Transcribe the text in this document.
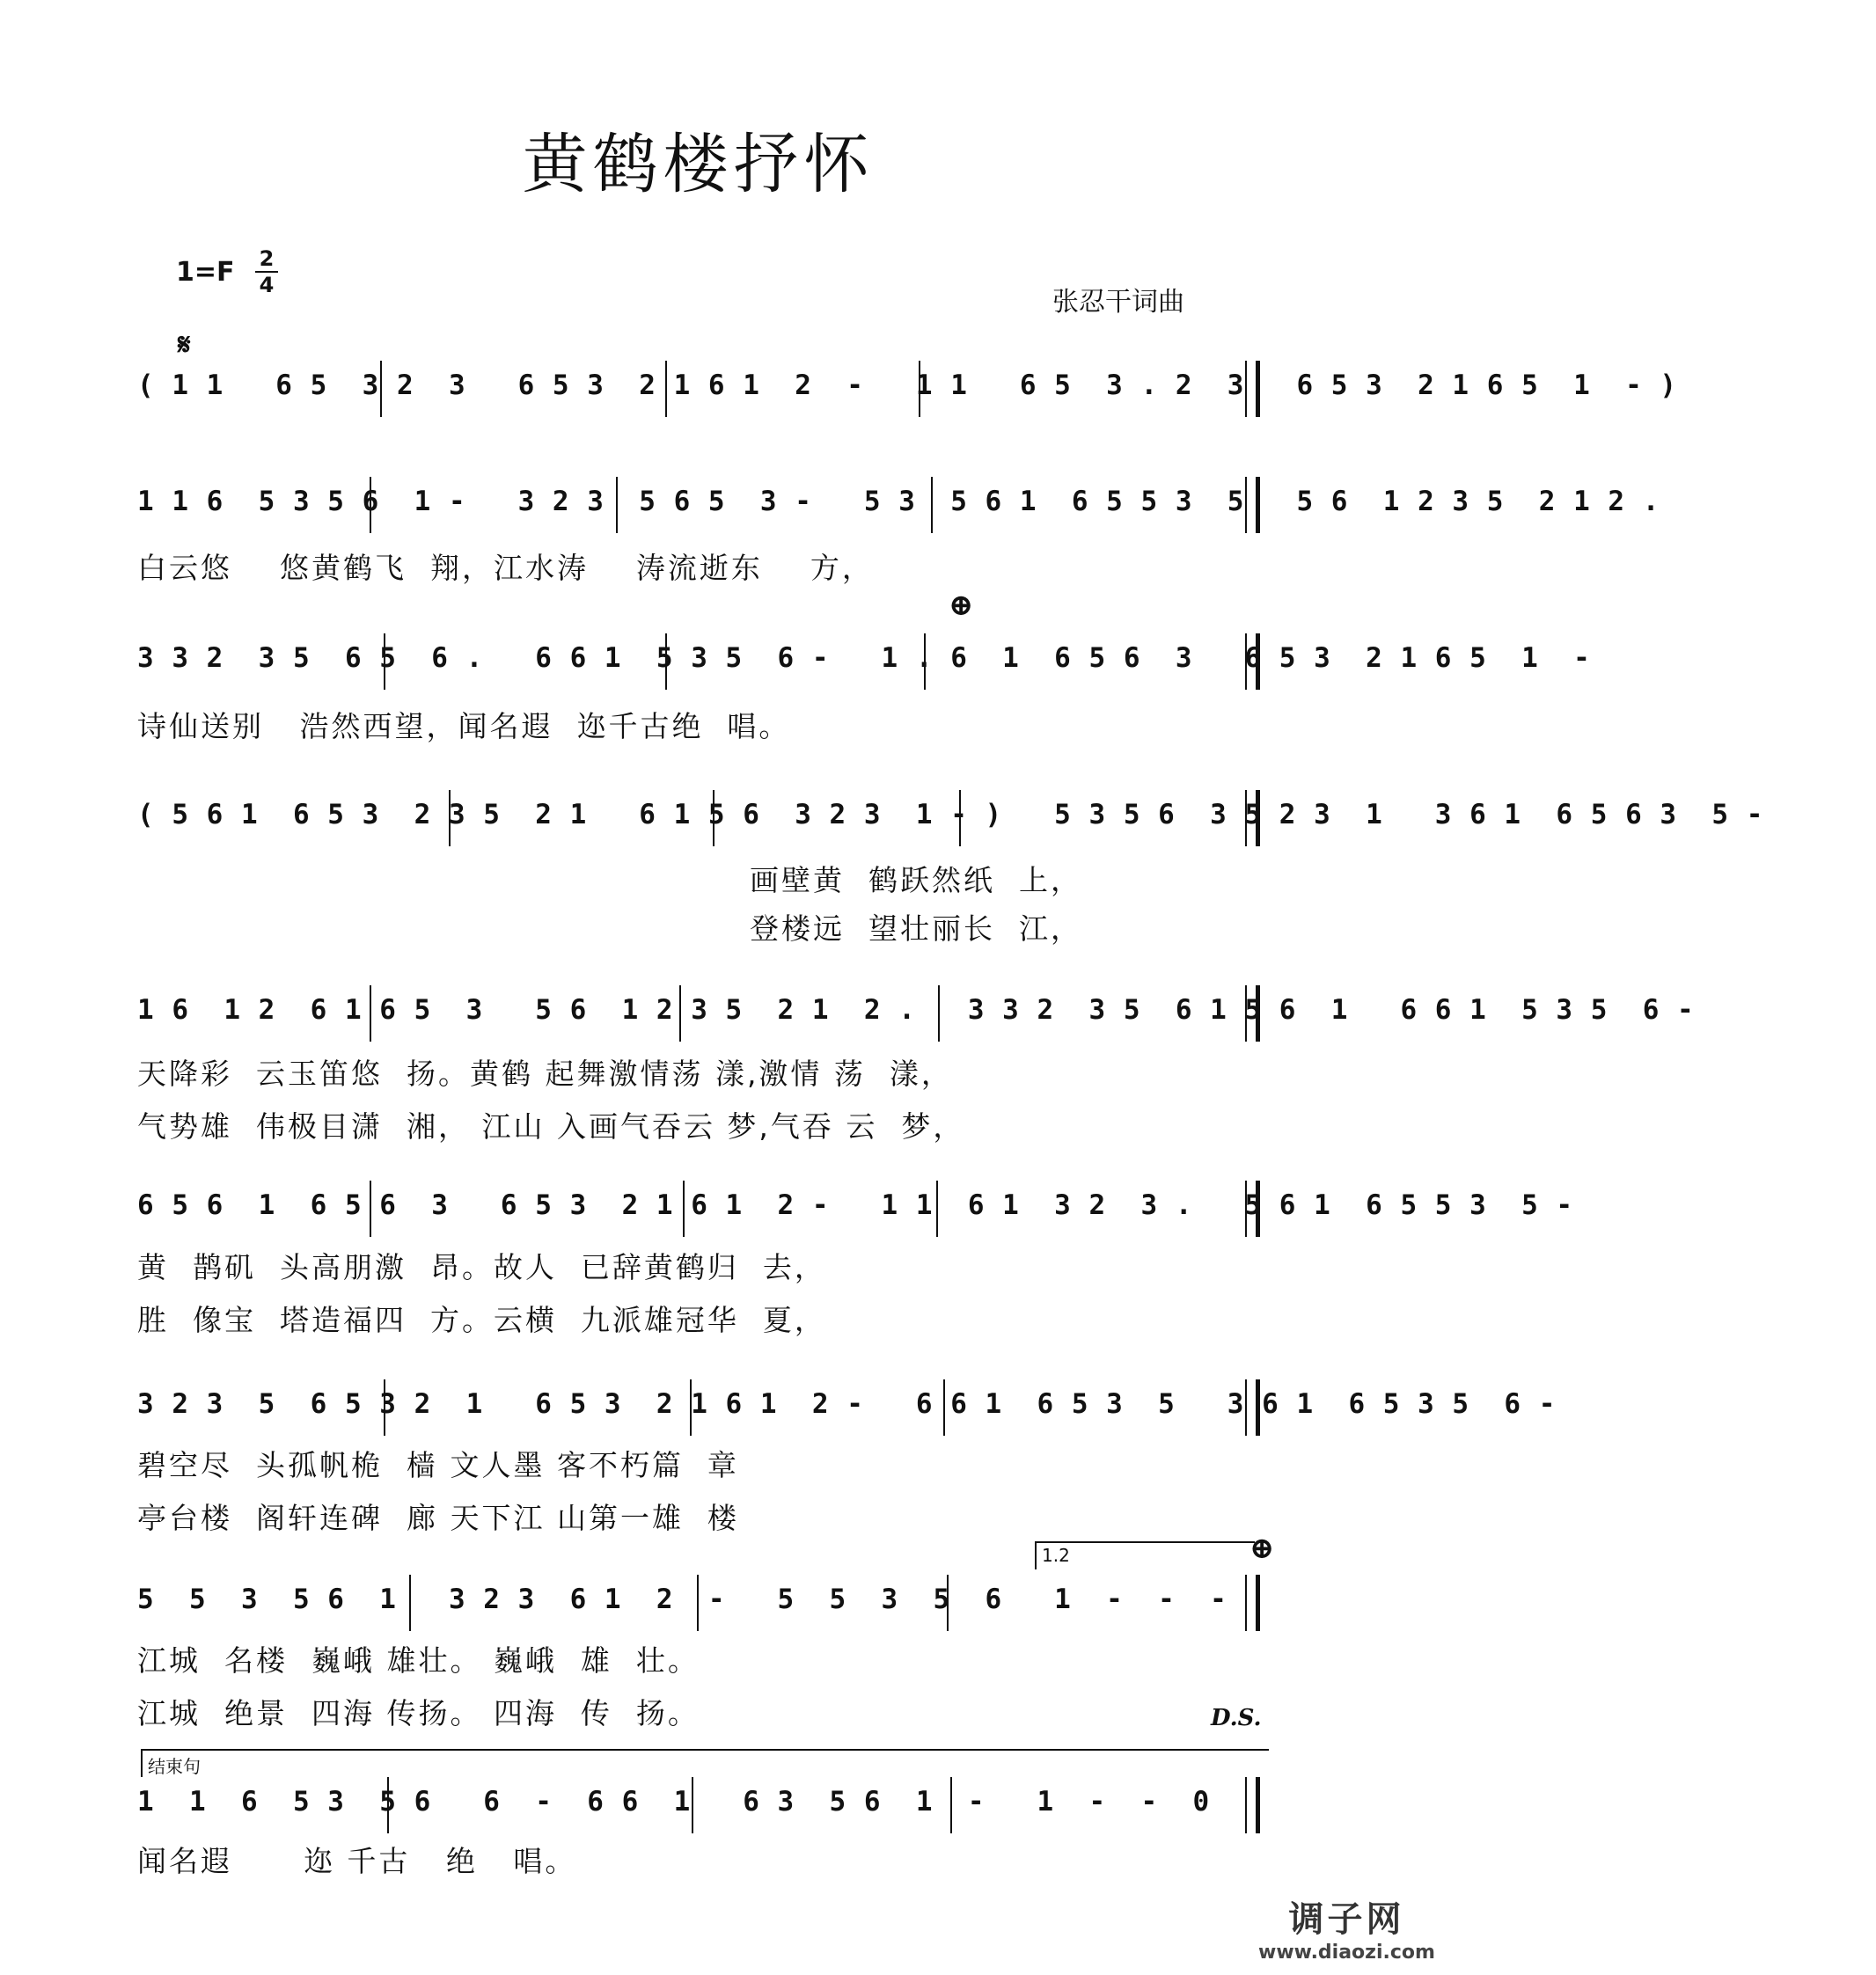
黄鹤楼抒怀
1=F 2
4
张忍干词曲
𝄋
⊕
⊕
1.2
结束句
D.S.
( 1 1   6 5  3 2  3   6 5 3  2 1 6 1  2  -   1 1   6 5  3 . 2  3   6 5 3  2 1 6 5  1  - )
1 1 6  5 3 5 6  1 -   3 2 3  5 6 5  3 -   5 3  5 6 1  6 5 5 3  5   5 6  1 2 3 5  2 1 2 .
白云悠    悠黄鹤飞  翔，江水涛    涛流逝东    方，
3 3 2  3 5  6 5  6 .   6 6 1  5 3 5  6 -   1 . 6  1  6 5 6  3   6 5 3  2 1 6 5  1  -
诗仙送别   浩然西望，闻名遐  迩千古绝  唱。
( 5 6 1  6 5 3  2 3 5  2 1   6 1 5 6  3 2 3  1 - )   5 3 5 6  3 5 2 3  1   3 6 1  6 5 6 3  5 -
画壁黄  鹤跃然纸  上，
登楼远  望壮丽长  江，
1 6  1 2  6 1 6 5  3   5 6  1 2 3 5  2 1  2 .   3 3 2  3 5  6 1 5 6  1   6 6 1  5 3 5  6 -
天降彩  云玉笛悠  扬。黄鹤 起舞激情荡 漾,激情 荡  漾，
气势雄  伟极目潇  湘， 江山 入画气吞云 梦,气吞 云  梦，
6 5 6  1  6 5 6  3   6 5 3  2 1 6 1  2 -   1 1  6 1  3 2  3 .   5 6 1  6 5 5 3  5 -
黄  鹊矶  头高朋激  昂。故人  已辞黄鹤归  去，
胜  像宝  塔造福四  方。云横  九派雄冠华  夏，
3 2 3  5  6 5 3 2  1   6 5 3  2 1 6 1  2 -   6 6 1  6 5 3  5   3 6 1  6 5 3 5  6 -
碧空尽  头孤帆桅  樯 文人墨 客不朽篇  章
亭台楼  阁轩连碑  廊 天下江 山第一雄  楼
5  5  3  5 6  1   3 2 3  6 1  2  -   5  5  3  5  6   1  -  -  -
江城  名楼  巍峨 雄壮。 巍峨  雄  壮。
江城  绝景  四海 传扬。 四海  传  扬。
1  1  6  5 3  5 6   6  -  6 6  1   6 3  5 6  1  -   1  -  -  0
闻名遐      迩 千古   绝   唱。
调子网
www.diaozi.com
